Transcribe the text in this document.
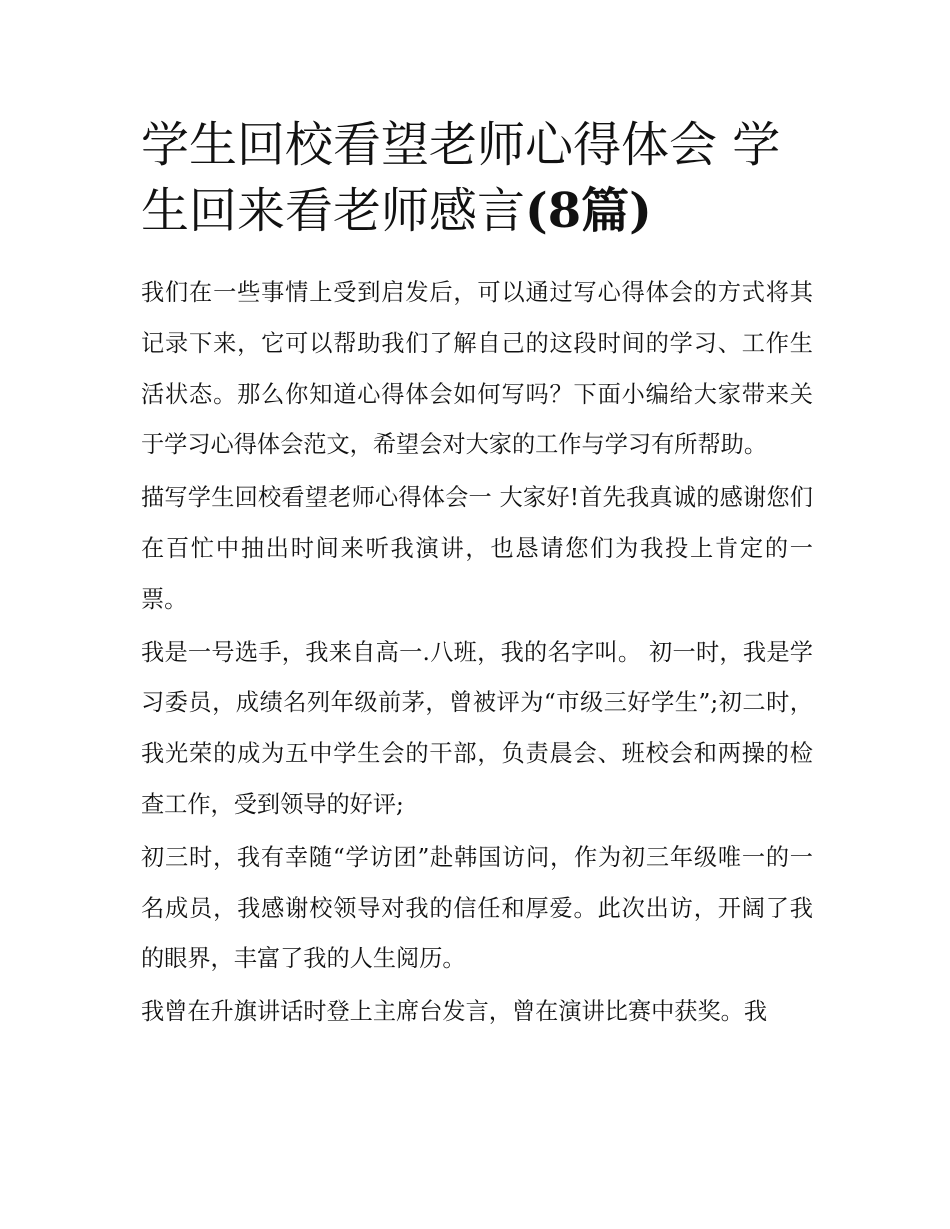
学生回校看望老师心得体会 学生回来看老师感言(8篇)

我们在一些事情上受到启发后，可以通过写心得体会的方式将其记录下来，它可以帮助我们了解自己的这段时间的学习、工作生活状态。那么你知道心得体会如何写吗？下面小编给大家带来关于学习心得体会范文，希望会对大家的工作与学习有所帮助。

描写学生回校看望老师心得体会一 大家好!首先我真诚的感谢您们在百忙中抽出时间来听我演讲，也恳请您们为我投上肯定的一票。

我是一号选手，我来自高一.八班，我的名字叫。 初一时，我是学习委员，成绩名列年级前茅，曾被评为“市级三好学生”;初二时，我光荣的成为五中学生会的干部，负责晨会、班校会和两操的检查工作，受到领导的好评;

初三时，我有幸随“学访团”赴韩国访问，作为初三年级唯一的一名成员，我感谢校领导对我的信任和厚爱。此次出访，开阔了我的眼界，丰富了我的人生阅历。

我曾在升旗讲话时登上主席台发言，曾在演讲比赛中获奖。我
